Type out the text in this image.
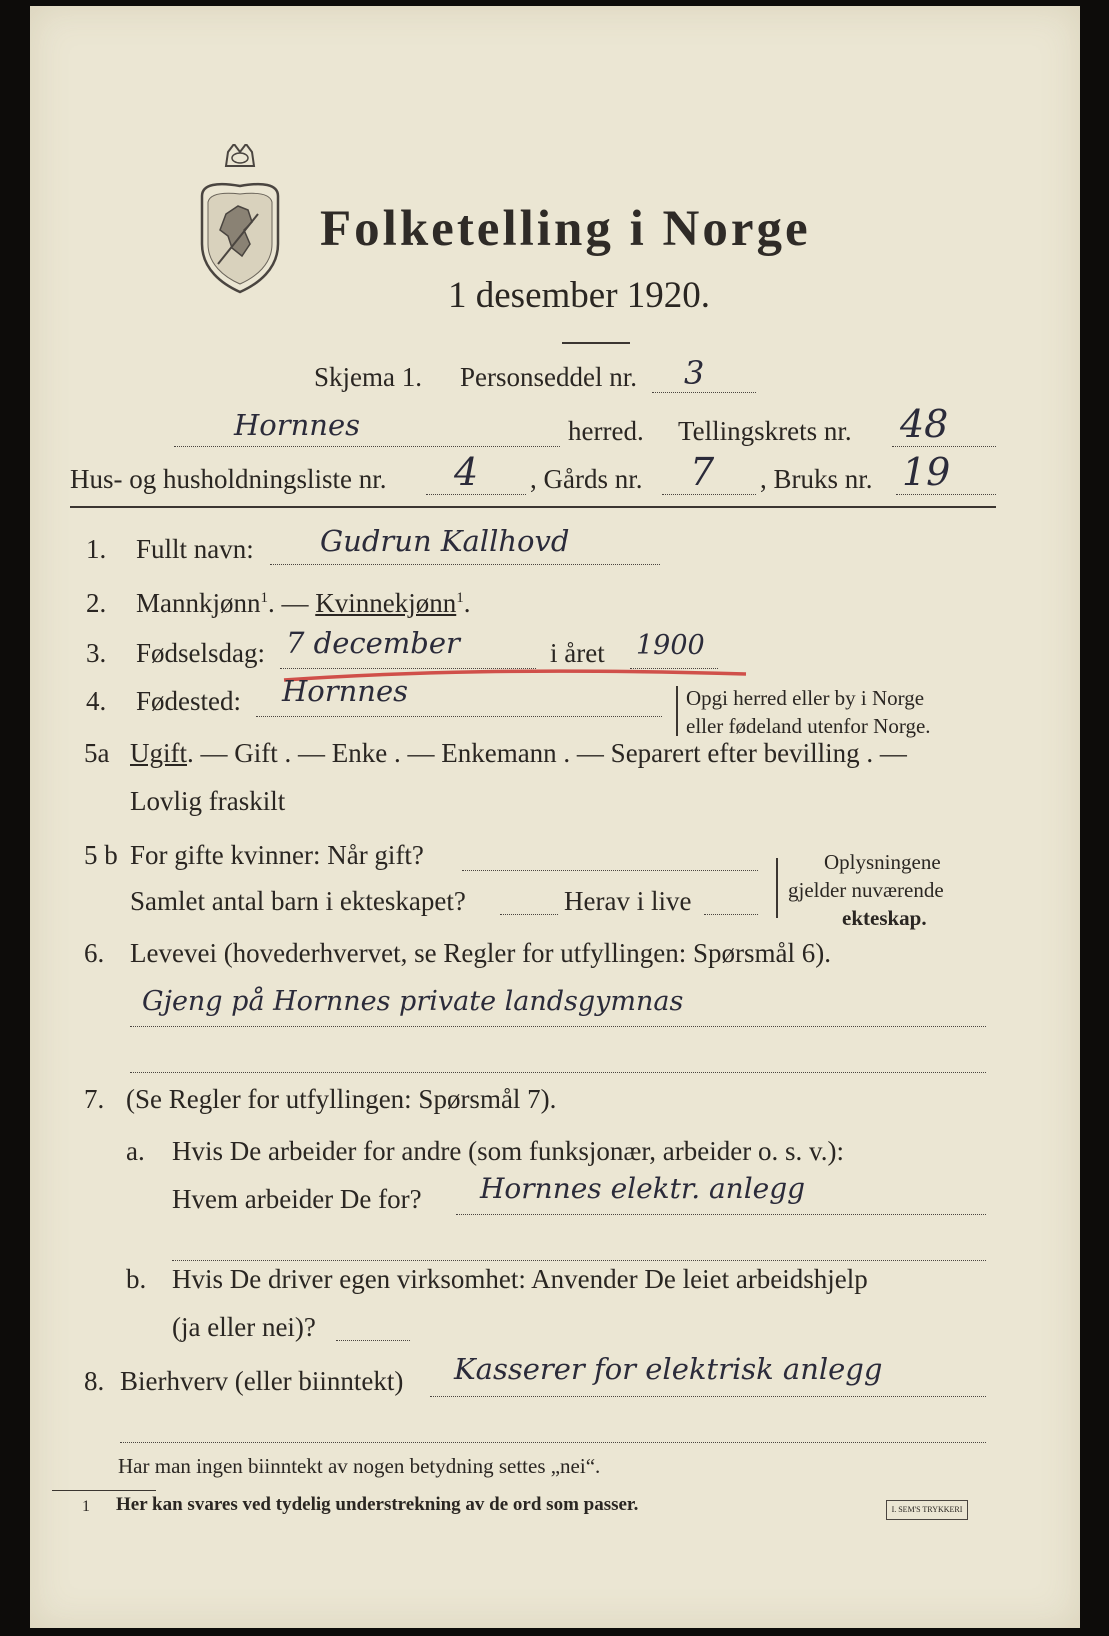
Folketelling i Norge
1 desember 1920.
Skjema 1. Personseddel nr. 3
Hornnes	herred. Tellingskrets nr. 48
Hus- og husholdningsliste nr. 4 , Gårds nr. 7 , Bruks nr. 19
1. Fullt navn: Gudrun Kallhovd
2. Mannkjønn$^1$. — Kvinnekjønn$^1$.
3. Fødselsdag: 7 december	i året 1900
4. Fødested: Hornnes	Opgi herred eller by i Norge
eller fødeland utenfor Norge.
5a Ugift. — Gift . — Enke . — Enkemann . — Separert efter bevilling . —
Lovlig fraskilt
5 b For gifte kvinner: Når gift?
Samlet antal barn i ekteskapet?	Herav i live
Oplysningene
gjelder nuværende
ekteskap.
6. Levevei (hovederhvervet, se Regler for utfyllingen: Spørsmål 6).
Gjeng på Hornnes private landsgymnas
7. (Se Regler for utfyllingen: Spørsmål 7).
a. Hvis De arbeider for andre (som funksjonær, arbeider o. s. v.):
Hvem arbeider De for? Hornnes elektr. anlegg
b. Hvis De driver egen virksomhet: Anvender De leiet arbeidshjelp
(ja eller nei)?
8. Bierhverv (eller biinntekt) Kasserer for elektrisk anlegg
Har man ingen biinntekt av nogen betydning settes „nei“.
1 Her kan svares ved tydelig understrekning av de ord som passer.	I. SEM'S TRYKKERI
